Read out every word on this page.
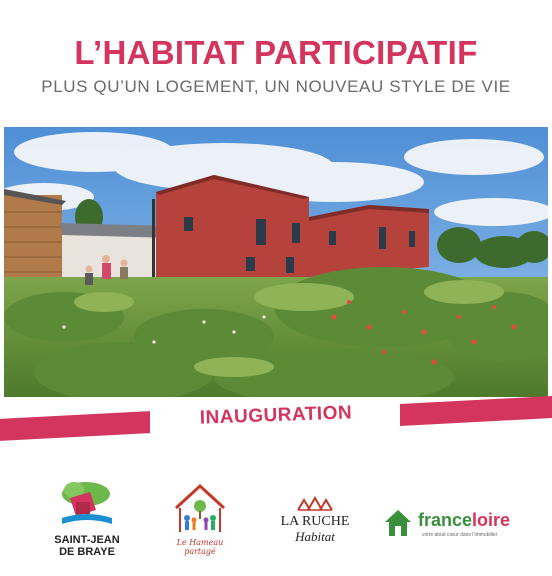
L’HABITAT PARTICIPATIF
PLUS QU’UN LOGEMENT, UN NOUVEAU STYLE DE VIE
INAUGURATION
SAINT-JEAN
DE BRAYE
Le Hameau
partagé
LA RUCHE
Habitat
franceloire
votre atout cœur dans l’immobilier
